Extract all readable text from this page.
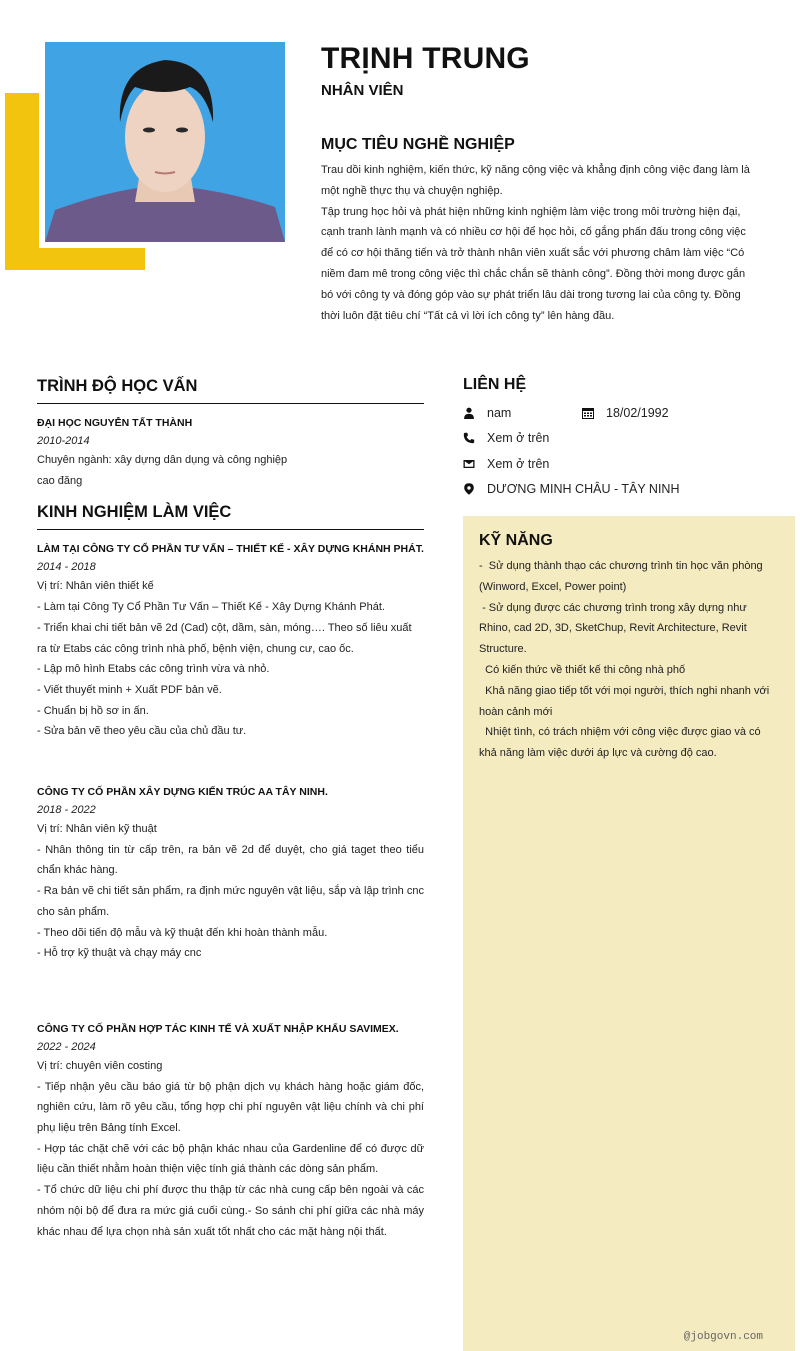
TRỊNH TRUNG
NHÂN VIÊN
MỤC TIÊU NGHỀ NGHIỆP
Trau dồi kinh nghiệm, kiến thức, kỹ năng cộng việc và khẳng định công việc đang làm là một nghề thực thụ và chuyện nghiệp.
Tập trung học hỏi và phát hiện những kinh nghiệm làm việc trong môi trường hiện đại, cạnh tranh lành mạnh và có nhiều cơ hội để học hỏi, cố gắng phấn đấu trong công việc để có cơ hội thăng tiến và trở thành nhân viên xuất sắc với phương châm làm việc “Có niềm đam mê trong công việc thì chắc chắn sẽ thành công”. Đồng thời mong được gắn bó với công ty và đóng góp vào sự phát triển lâu dài trong tương lai của công ty. Đồng thời luôn đặt tiêu chí “Tất cả vì lời ích công ty” lên hàng đầu.
TRÌNH ĐỘ HỌC VẤN
ĐẠI HỌC NGUYỄN TẤT THÀNH
2010-2014
Chuyên ngành: xây dựng dân dụng và công nghiệp
cao đăng
KINH NGHIỆM LÀM VIỆC
LÀM TẠI CÔNG TY CỔ PHẦN TƯ VẤN – THIẾT KẾ - XÂY DỰNG KHÁNH PHÁT.
2014 - 2018
Vị trí: Nhân viên thiết kế
- Làm tại Công Ty Cổ Phần Tư Vấn – Thiết Kế - Xây Dựng Khánh Phát.
- Triển khai chi tiết bản vẽ 2d (Cad) cột, dầm, sàn, móng…. Theo số liêu xuất ra từ Etabs các công trình nhà phố, bệnh viện, chung cư, cao ốc.
- Lập mô hình Etabs các công trình vừa và nhỏ.
- Viết thuyết minh + Xuất PDF bản vẽ.
- Chuẩn bị hồ sơ in ấn.
- Sửa bản vẽ theo yêu cầu của chủ đầu tư.
CÔNG TY CỐ PHẦN XÂY DỰNG KIẾN TRÚC AA TÂY NINH.
2018 - 2022
Vị trí: Nhân viên kỹ thuật
- Nhân thông tin từ cấp trên, ra bản vẽ 2d để duyệt, cho giá taget theo tiểu chẩn khác hàng.
- Ra bản vẽ chi tiết sản phẩm, ra định mức nguyên vật liệu, sắp và lập trình cnc cho sản phẩm.
- Theo dõi tiến độ mẫu và kỹ thuật đến khi hoàn thành mẫu.
- Hỗ trợ kỹ thuật và chạy máy cnc
CÔNG TY CỐ PHẦN HỢP TÁC KINH TẾ VÀ XUẤT NHẬP KHẨU SAVIMEX.
2022 - 2024
Vị trí: chuyên viên costing
- Tiếp nhận yêu cầu báo giá từ bộ phận dịch vụ khách hàng hoặc giám đốc, nghiên cứu, làm rõ yêu cầu, tổng hợp chi phí nguyên vật liệu chính và chi phí phụ liệu trên Bảng tính Excel.
- Hợp tác chặt chẽ với các bộ phận khác nhau của Gardenline để có được dữ liệu cần thiết nhằm hoàn thiện việc tính giá thành các dòng sản phẩm.
- Tổ chức dữ liệu chi phí được thu thập từ các nhà cung cấp bên ngoài và các nhóm nội bộ để đưa ra mức giá cuối cùng.- So sánh chi phí giữa các nhà máy khác nhau để lựa chọn nhà sản xuất tốt nhất cho các mặt hàng nội thất.
LIÊN HỆ
nam	18/02/1992
Xem ở trên
Xem ở trên
DƯƠNG MINH CHÂU - TÂY NINH
KỸ NĂNG
-  Sử dụng thành thạo các chương trình tin học văn phòng (Winword, Excel, Power point)
- Sử dụng được các chương trình trong xây dựng như Rhino, cad 2D, 3D, SketChup, Revit Architecture, Revit Structure.
Có kiến thức về thiết kế thi công nhà phố
Khả năng giao tiếp tốt với mọi người, thích nghi nhanh với hoàn cảnh mới
Nhiệt tình, có trách nhiệm với công việc được giao và có khả năng làm việc dưới áp lực và cường độ cao.
@jobgovn.com
